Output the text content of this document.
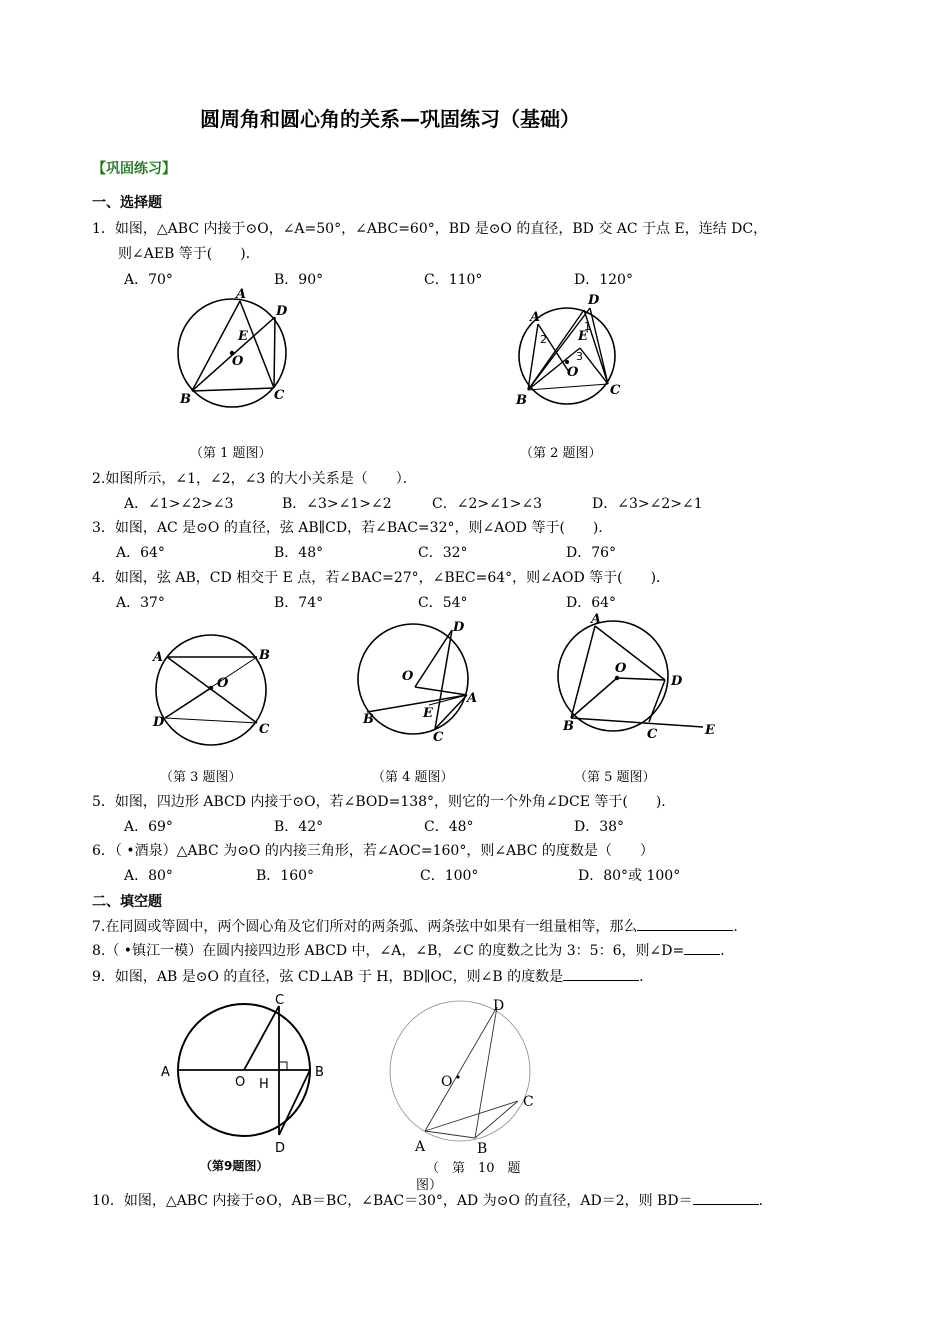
圆周角和圆心角的关系—巩固练习（基础）
【巩固练习】
一、选择题
1．如图，△ABC 内接于⊙O，∠A=50°，∠ABC=60°，BD 是⊙O 的直径，BD 交 AC 于点 E，连结 DC，
则∠AEB 等于(　　)．
A．70°	B．90°	C．110°	D．120°
A
D
E
O
B	C
（第 1 题图）
D
A
1
2 E
3
O
B
C
（第 2 题图）
2.如图所示，∠1，∠2，∠3 的大小关系是（　　）．
A．∠1>∠2>∠3	B．∠3>∠1>∠2	C．∠2>∠1>∠3	D．∠3>∠2>∠1
3．如图，AC 是⊙O 的直径，弦 AB∥CD，若∠BAC=32°，则∠AOD 等于(　　)．
A．64°	B．48°	C．32°	D．76°
4．如图，弦 AB，CD 相交于 E 点，若∠BAC=27°，∠BEC=64°，则∠AOD 等于(　　)．
A．37°	B．74°	C．54°	D．64°
A	B
O
D	C
（第 3 题图）
D
O
A
B	E
C
（第 4 题图）
A
O
D
B
C	E
（第 5 题图）
5．如图，四边形 ABCD 内接于⊙O，若∠BOD=138°，则它的一个外角∠DCE 等于(　　)．
A．69°	B．42°	C．48°	D．38°
6．（ •酒泉）△ABC 为⊙O 的内接三角形，若∠AOC=160°，则∠ABC 的度数是（　　）
A．80°	B．160°	C．100°	D．80°或 100°
二、填空题
7.在同圆或等圆中，两个圆心角及它们所对的两条弧、两条弦中如果有一组量相等，那么	.
8.（ •镇江一模）在圆内接四边形 ABCD 中，∠A，∠B，∠C 的度数之比为 3：5：6，则∠D=	.
9．如图，AB 是⊙O 的直径，弦 CD⊥AB 于 H，BD∥OC，则∠B 的度数是	.
C
A
O H
B
D
（第9题图）
D
O
C
A	B
（　第　10　题
图）
10．如图，△ABC 内接于⊙O，AB＝BC，∠BAC＝30°，AD 为⊙O 的直径，AD＝2，则 BD＝	.
